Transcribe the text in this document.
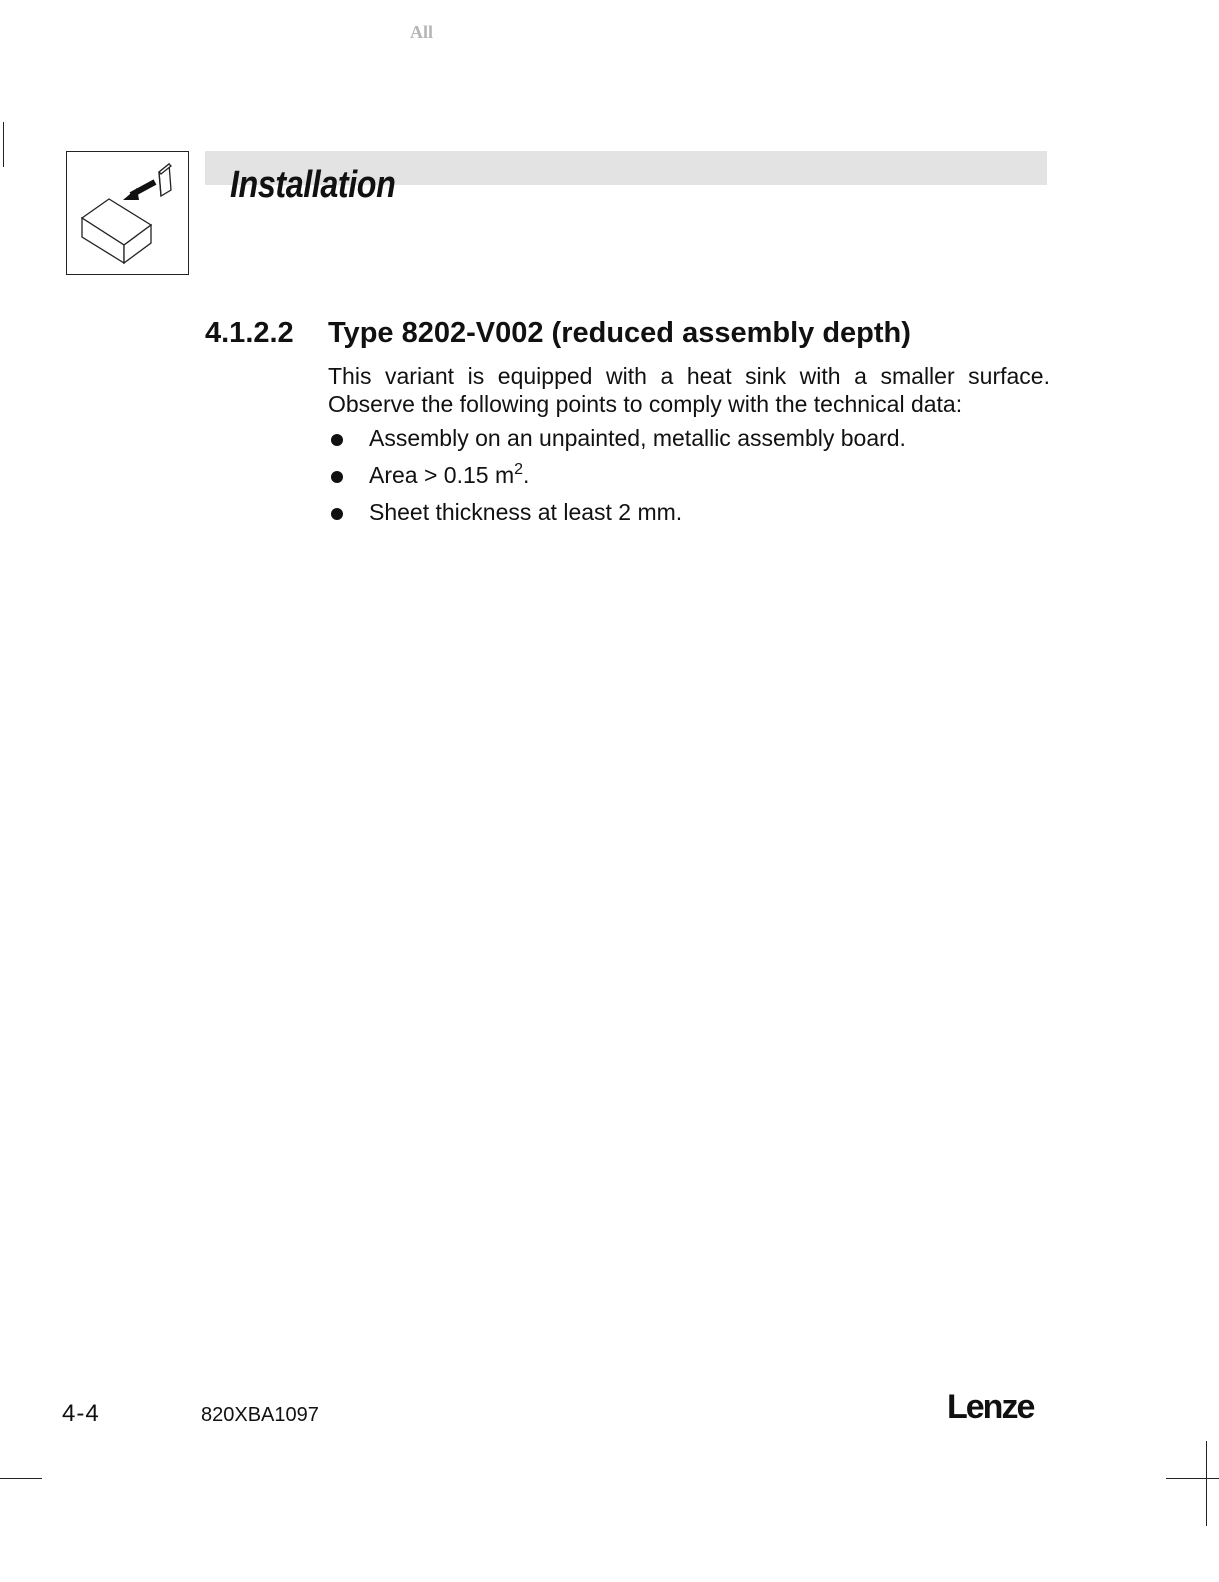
All
Installation
4.1.2.2 Type 8202-V002 (reduced assembly depth)
This variant is equipped with a heat sink with a smaller surface. Observe the following points to comply with the technical data:
Assembly on an unpainted, metallic assembly board.
Area > 0.15 $m^2$.
Sheet thickness at least 2 mm.
4-4	820XBA1097	Lenze
